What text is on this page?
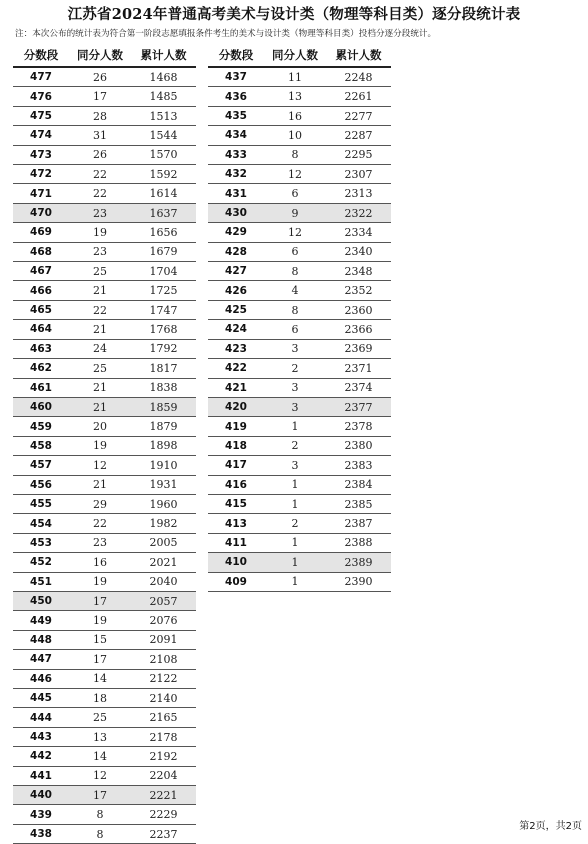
江苏省2024年普通高考美术与设计类（物理等科目类）逐分段统计表
注：本次公布的统计表为符合第一阶段志愿填报条件考生的美术与设计类（物理等科目类）投档分逐分段统计。
分数段	同分人数	累计人数
477	26	1468
476	17	1485
475	28	1513
474	31	1544
473	26	1570
472	22	1592
471	22	1614
470	23	1637
469	19	1656
468	23	1679
467	25	1704
466	21	1725
465	22	1747
464	21	1768
463	24	1792
462	25	1817
461	21	1838
460	21	1859
459	20	1879
458	19	1898
457	12	1910
456	21	1931
455	29	1960
454	22	1982
453	23	2005
452	16	2021
451	19	2040
450	17	2057
449	19	2076
448	15	2091
447	17	2108
446	14	2122
445	18	2140
444	25	2165
443	13	2178
442	14	2192
441	12	2204
440	17	2221
439	8	2229
438	8	2237
分数段	同分人数	累计人数
437	11	2248
436	13	2261
435	16	2277
434	10	2287
433	8	2295
432	12	2307
431	6	2313
430	9	2322
429	12	2334
428	6	2340
427	8	2348
426	4	2352
425	8	2360
424	6	2366
423	3	2369
422	2	2371
421	3	2374
420	3	2377
419	1	2378
418	2	2380
417	3	2383
416	1	2384
415	1	2385
413	2	2387
411	1	2388
410	1	2389
409	1	2390
第2页，共2页
